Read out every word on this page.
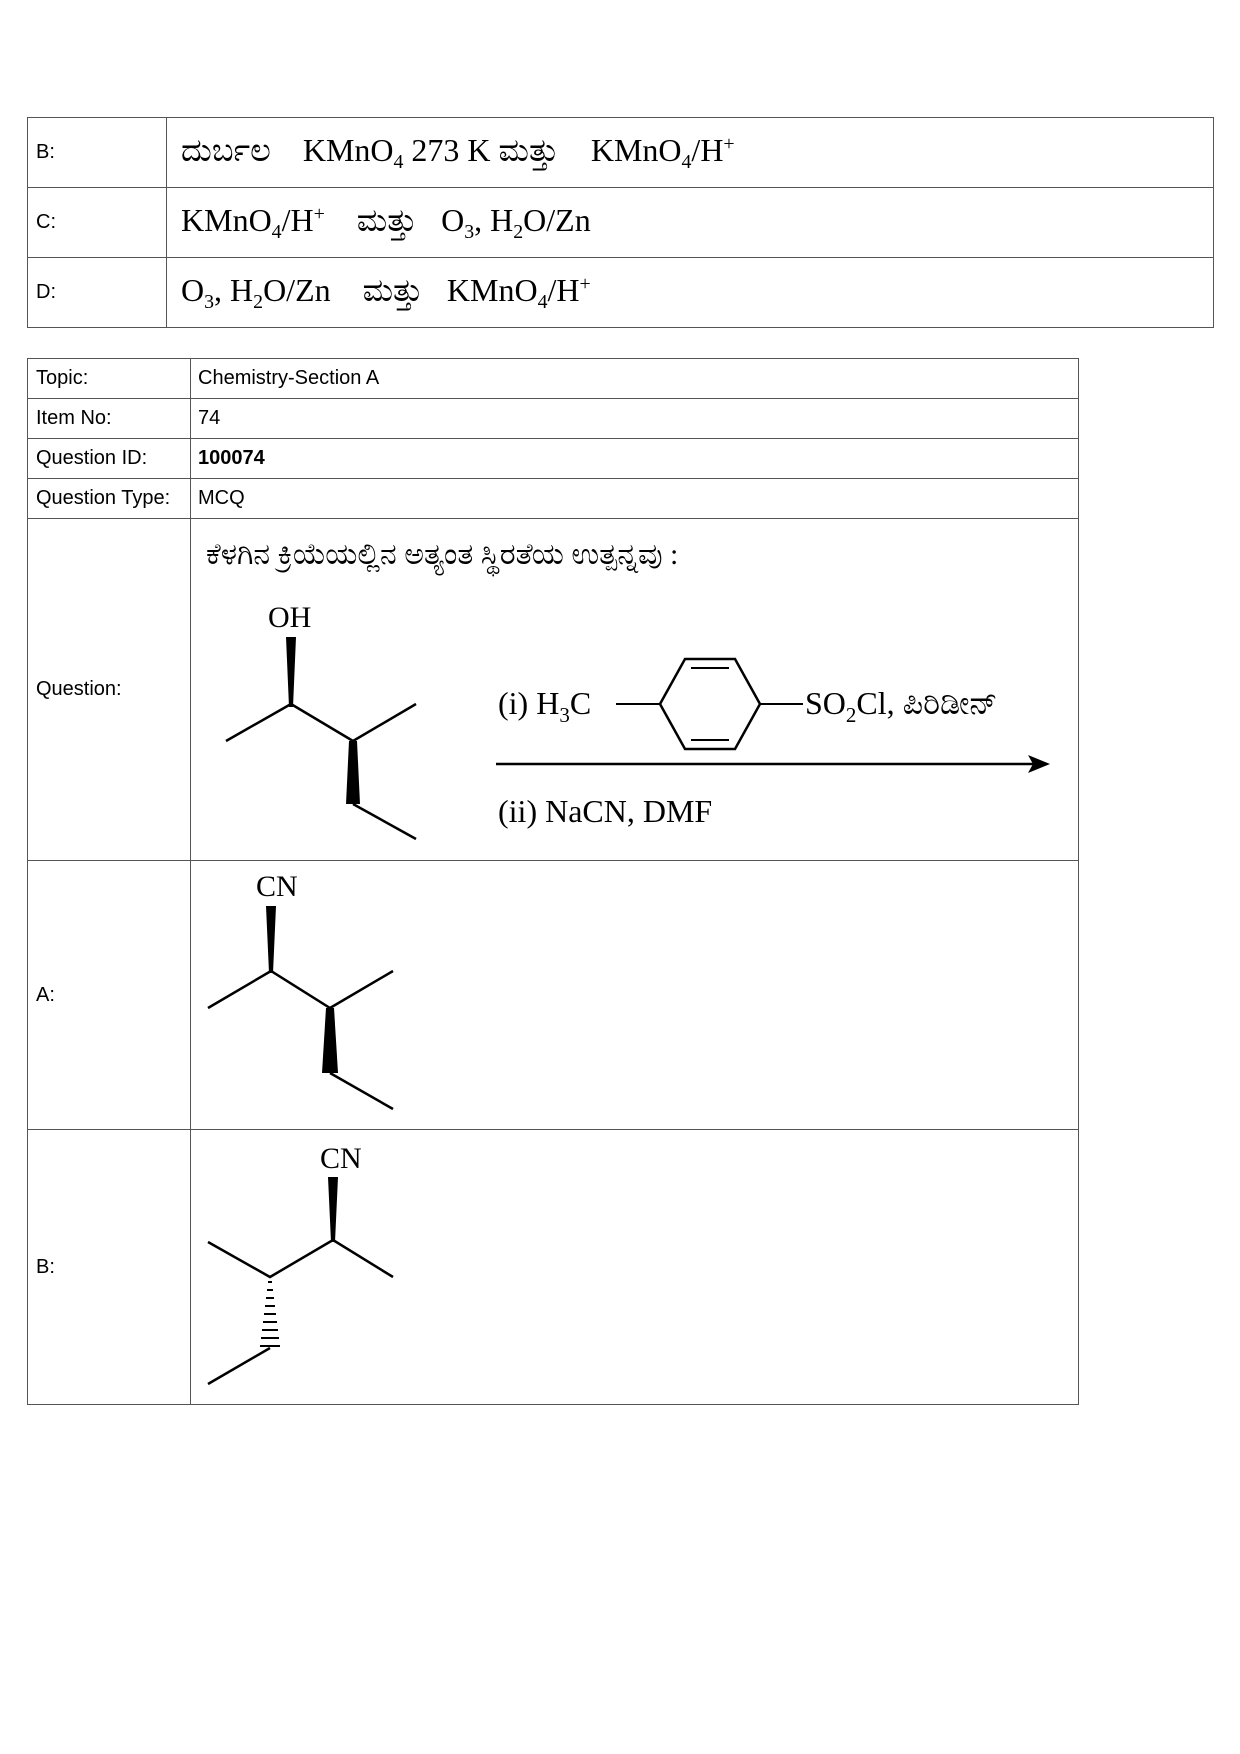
B:	ದುರ್ಬಲ KMnO$_4$ 273 K ಮತ್ತು KMnO$_4$/H+
C:	KMnO$_4$/H+ ಮತ್ತು $O_3$, $H_2O/Zn$
D:	$O_3$, $H_2O/Zn$ ಮತ್ತು KMnO$_4$/H+
Topic:	Chemistry-Section A
Item No:	74
Question ID:	100074
Question Type:	MCQ
Question:	ಕೆಳಗಿನ ಕ್ರಿಯೆಯಲ್ಲಿನ ಅತ್ಯಂತ ಸ್ಥಿರತೆಯ ಉತ್ಪನ್ನವು :
OH
(i) $H_3C$ $SO_2Cl$, ಪಿರಿಡೀನ್
(ii) NaCN, DMF

A:	CN

B:	CN
